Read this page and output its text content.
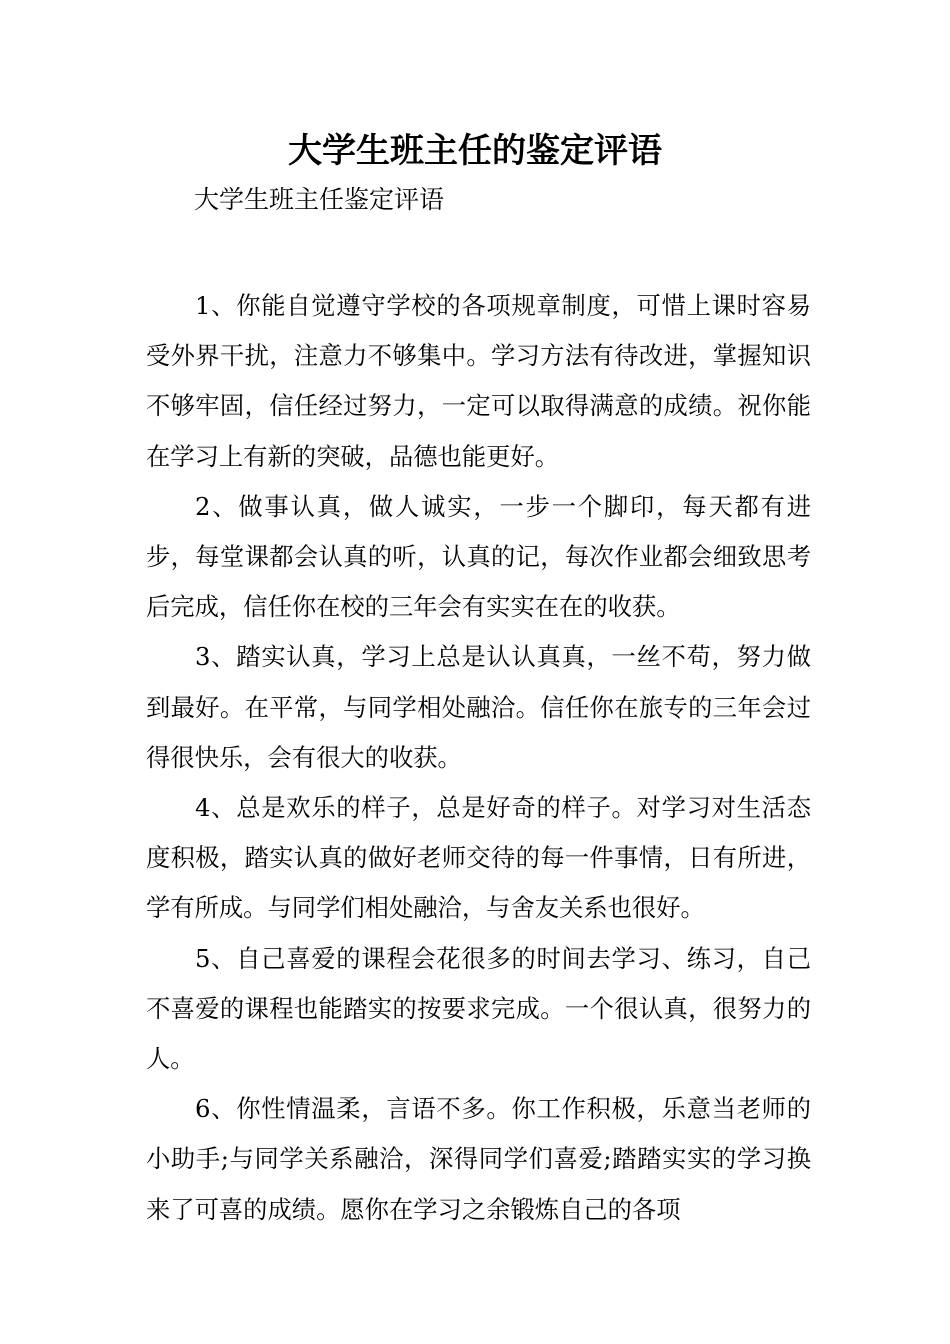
大学生班主任的鉴定评语

大学生班主任鉴定评语

1、你能自觉遵守学校的各项规章制度，可惜上课时容易受外界干扰，注意力不够集中。学习方法有待改进，掌握知识不够牢固，信任经过努力，一定可以取得满意的成绩。祝你能在学习上有新的突破，品德也能更好。

2、做事认真，做人诚实，一步一个脚印，每天都有进步，每堂课都会认真的听，认真的记，每次作业都会细致思考后完成，信任你在校的三年会有实实在在的收获。

3、踏实认真，学习上总是认认真真，一丝不苟，努力做到最好。在平常，与同学相处融洽。信任你在旅专的三年会过得很快乐，会有很大的收获。

4、总是欢乐的样子，总是好奇的样子。对学习对生活态度积极，踏实认真的做好老师交待的每一件事情，日有所进，学有所成。与同学们相处融洽，与舍友关系也很好。

5、自己喜爱的课程会花很多的时间去学习、练习，自己不喜爱的课程也能踏实的按要求完成。一个很认真，很努力的人。

6、你性情温柔，言语不多。你工作积极，乐意当老师的小助手;与同学关系融洽，深得同学们喜爱;踏踏实实的学习换来了可喜的成绩。愿你在学习之余锻炼自己的各项
